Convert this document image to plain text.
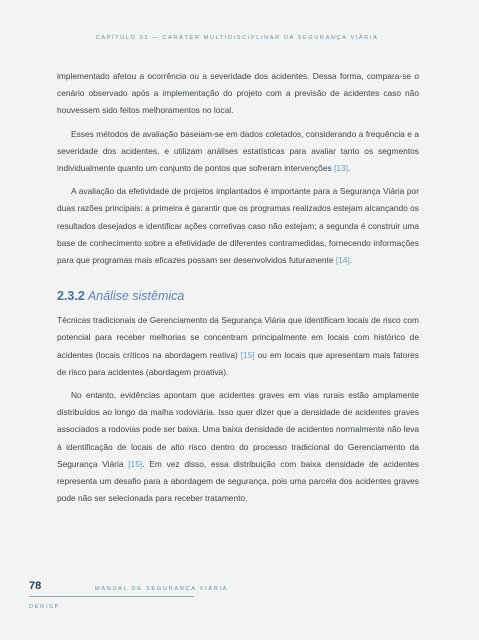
CAPÍTULO 02 — CARÁTER MULTIDISCIPLINAR DA SEGURANÇA VIÁRIA

implementado afetou a ocorrência ou a severidade dos acidentes. Dessa forma, compara-se o cenário observado após a implementação do projeto com a previsão de acidentes caso não houvessem sido feitos melhoramentos no local.

Esses métodos de avaliação baseiam-se em dados coletados, considerando a frequência e a severidade dos acidentes, e utilizam análises estatísticas para avaliar tanto os segmentos individualmente quanto um conjunto de pontos que sofreram intervenções [13].

A avaliação da efetividade de projetos implantados é importante para a Segurança Viária por duas razões principais: a primeira é garantir que os programas realizados estejam alcançando os resultados desejados e identificar ações corretivas caso não estejam; a segunda é construir uma base de conhecimento sobre a efetividade de diferentes contramedidas, fornecendo informações para que programas mais eficazes possam ser desenvolvidos futuramente [14].

2.3.2 Análise sistêmica

Técnicas tradicionais de Gerenciamento da Segurança Viária que identificam locais de risco com potencial para receber melhorias se concentram principalmente em locais com histórico de acidentes (locais críticos na abordagem reativa) [15] ou em locais que apresentam mais fatores de risco para acidentes (abordagem proativa).

No entanto, evidências apontam que acidentes graves em vias rurais estão amplamente distribuídos ao longo da malha rodoviária. Isso quer dizer que a densidade de acidentes graves associados a rodovias pode ser baixa. Uma baixa densidade de acidentes normalmente não leva à identificação de locais de alto risco dentro do processo tradicional do Gerenciamento da Segurança Viária [15]. Em vez disso, essa distribuição com baixa densidade de acidentes representa um desafio para a abordagem de segurança, pois uma parcela dos acidentes graves pode não ser selecionada para receber tratamento.

78	MANUAL DE SEGURANÇA VIÁRIA
DER/SP
